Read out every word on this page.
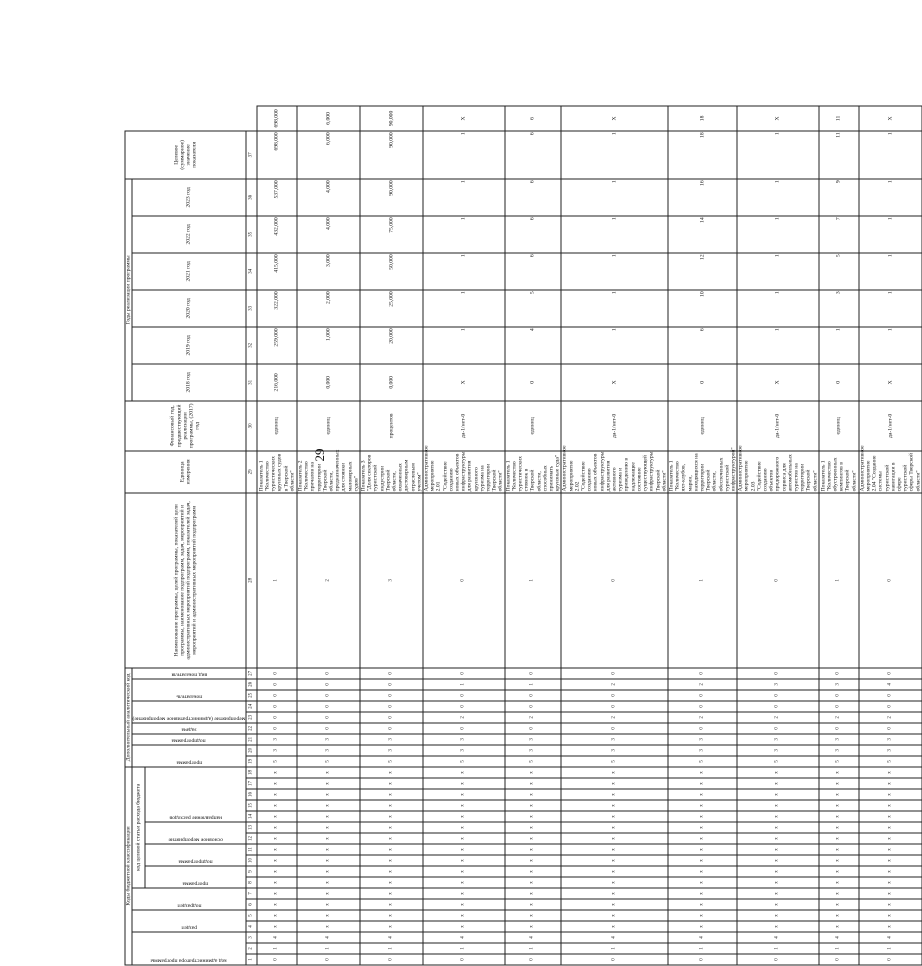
29
Коды бюджетной классификации																		Дополнительный аналитический код									Наименование программы, целей программы, показателей цели программы, наименование подпрограмм, задач, мероприятий и административных мероприятий подпрограмм, показателей задач, мероприятий и административных мероприятий подпрограмм	Единица измерения	Финансовый год, предшествующий реализации программы, (2017) год	Годы реализации программы						Целевое (суммарное) значение показателя	

код администратора программы			раздел		подраздел		код целевой статьи расхода бюджета											программа		подпрограмма	задача	мероприятие (административное мероприятие)		показатель		вид показателя				2018 год	2019 год	2020 год	2021 год	2022 год	2023 год		

							программа		подпрограмма		основное мероприятие		направление расходов																								

1	2	3	4	5	6	7	8	9	10	11	12	13	14	15	16	17	18	19	20	21	22	23	24	25	26	27	28	29	30	31	32	33	34	35	36	37	
0	1	4	х	х	х	х	х	х	х	х	х	х	х	х	х	х	х	5	3	3	0	0	0	0	0	0	1	Показатель 1 "Количество туристических круизных судов в Тверской области"	единиц	216,000	259,000	322,000	415,000	432,000	537,000	698,000	698,000
0	1	4	х	х	х	х	х	х	х	х	х	х	х	х	х	х	х	5	3	3	0	0	0	0	0	0	2	Показатель 2 "Количество причалов на территории Тверской области, предназначенных для стоянки маломерных судов"	единиц	0,000	1,000	2,000	3,000	4,000	4,000	6,000	6,000
0	1	4	х	х	х	х	х	х	х	х	х	х	х	х	х	х	х	5	3	3	0	0	0	0	0	0	3	Показатель 3 "Доля секторов туристской индустрии Тверской области, охваченных достоверным отраслевым учетом"	процентов	0,000	20,000	25,000	50,000	75,000	90,000	90,000	90,000
0	1	4	х	х	х	х	х	х	х	х	х	х	х	х	х	х	х	5	3	3	0	2	0	0	1	0	0	Административное мероприятие 2.01 "Содействие созданию новых объектов инфраструктуры для развития круизного туризма на территории Тверской области"	да-1/нет-0	Х	1	1	1	1	1	1	Х
0	1	4	х	х	х	х	х	х	х	х	х	х	х	х	х	х	х	5	3	3	0	2	0	0	1	0	1	Показатель 1 "Количество туристических стоянок в Тверской области, способных принимать круизные суда"	единиц	0	4	5	6	6	6	6	6
0	1	4	х	х	х	х	х	х	х	х	х	х	х	х	х	х	х	5	3	3	0	2	0	0	2	0	0	Административное мероприятие 2.02 "Содействие созданию новых объектов инфраструктуры для развития активного туризма и приведению в надлежащее состояние существующей инфраструктуры Тверской области"	да-1/нет-0	Х	1	1	1	1	1	1	Х
0	1	4	х	х	х	х	х	х	х	х	х	х	х	х	х	х	х	5	3	3	0	2	0	0	2	0	1	Показатель 1 "Количество яхт-клубов, марин, находящихся на территории Тверской области, обеспеченных туристской инфраструктурой"	единиц	0	6	10	12	14	16	18	18
0	1	4	х	х	х	х	х	х	х	х	х	х	х	х	х	х	х	5	3	3	0	2	0	0	3	0	0	Административное мероприятие 2.03 "Содействие созданию объектов придорожного сервиса для автомобильных туристов на территории Тверской области"	да-1/нет-0	Х	1	1	1	1	1	1	Х
0	1	4	х	х	х	х	х	х	х	х	х	х	х	х	х	х	х	5	3	3	0	2	0	0	3	0	1	Показатель 1 "Количество обустроенных кемпингов в Тверской области"	единиц	0	1	3	5	7	9	11	11
0	1	4	х	х	х	х	х	х	х	х	х	х	х	х	х	х	х	5	3	3	0	2	0	0	4	0	0	Административное мероприятие 2.04 "Создание системы туристской навигации в сфере туристской сферы Тверской области"	да-1/нет-0	Х	1	1	1	1	1	1	Х
